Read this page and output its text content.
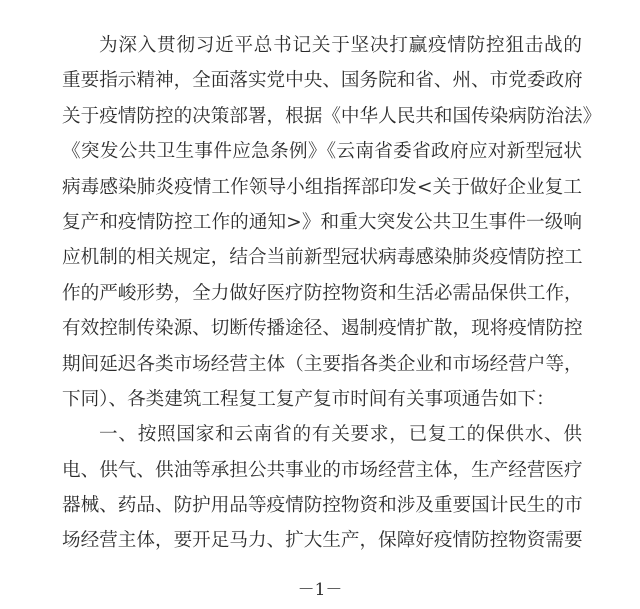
为深入贯彻习近平总书记关于坚决打赢疫情防控狙击战的
重要指示精神，全面落实党中央、国务院和省、州、市党委政府
关于疫情防控的决策部署，根据《中华人民共和国传染病防治法》
《突发公共卫生事件应急条例》《云南省委省政府应对新型冠状
病毒感染肺炎疫情工作领导小组指挥部印发<关于做好企业复工
复产和疫情防控工作的通知>》和重大突发公共卫生事件一级响
应机制的相关规定，结合当前新型冠状病毒感染肺炎疫情防控工
作的严峻形势，全力做好医疗防控物资和生活必需品保供工作，
有效控制传染源、切断传播途径、遏制疫情扩散，现将疫情防控
期间延迟各类市场经营主体（主要指各类企业和市场经营户等，
下同）、各类建筑工程复工复产复市时间有关事项通告如下：
一、按照国家和云南省的有关要求，已复工的保供水、供
电、供气、供油等承担公共事业的市场经营主体，生产经营医疗
器械、药品、防护用品等疫情防控物资和涉及重要国计民生的市
场经营主体，要开足马力、扩大生产，保障好疫情防控物资需要
－1－
